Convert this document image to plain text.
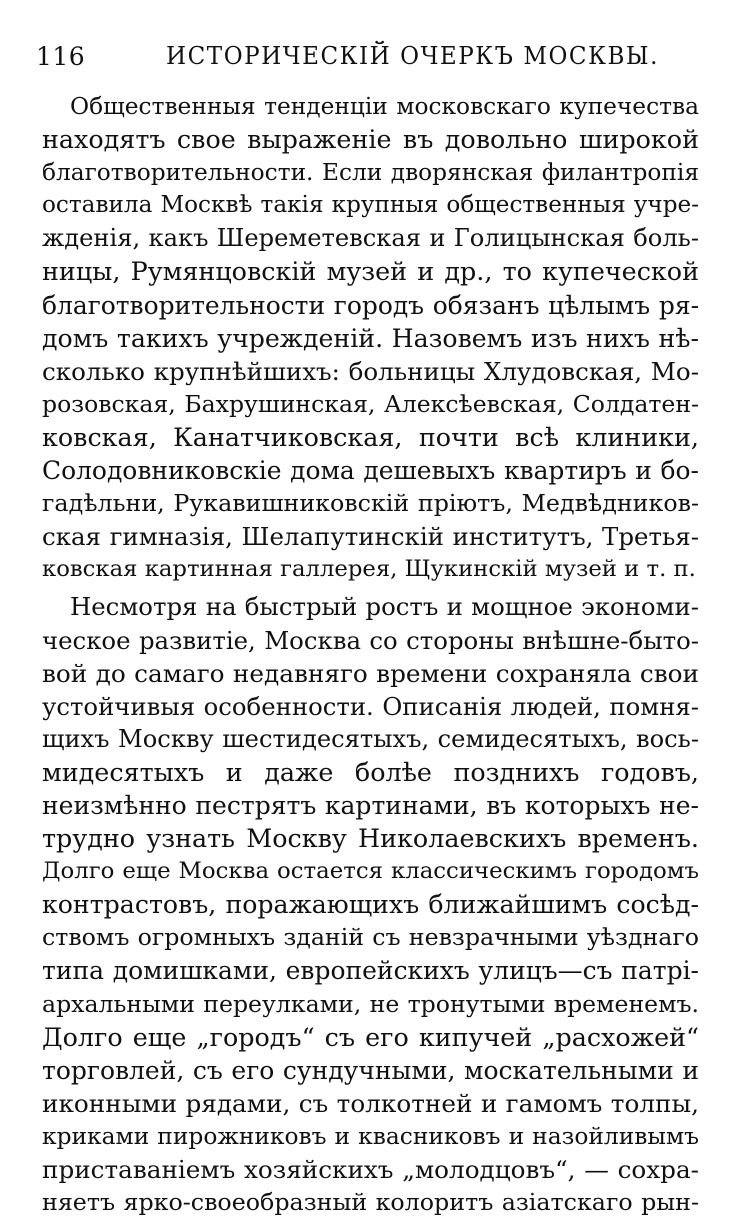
116	ИСТОРИЧЕСКIЙ ОЧЕРКЪ МОСКВЫ.
Общественныя тенденцiи московскаго купечества
находятъ свое выраженiе въ довольно широкой
благотворительности. Если дворянская филантропiя
оставила Москвѣ такiя крупныя общественныя учре-
жденiя, какъ Шереметевская и Голицынская боль-
ницы, Румянцовскiй музей и др., то купеческой
благотворительности городъ обязанъ цѣлымъ ря-
домъ такихъ учрежденiй. Назовемъ изъ нихъ нѣ-
сколько крупнѣйшихъ: больницы Хлудовская, Мо-
розовская, Бахрушинская, Алексѣевская, Солдатен-
ковская, Канатчиковская, почти всѣ клиники,
Солодовниковскiе дома дешевыхъ квартиръ и бо-
гадѣльни, Рукавишниковскiй прiютъ, Медвѣдников-
ская гимназiя, Шелапутинскiй институтъ, Третья-
ковская картинная галлерея, Щукинскiй музей и т. п.
Несмотря на быстрый ростъ и мощное экономи-
ческое развитiе, Москва со стороны внѣшне-быто-
вой до самаго недавняго времени сохраняла свои
устойчивыя особенности. Описанiя людей, помня-
щихъ Москву шестидесятыхъ, семидесятыхъ, вось-
мидесятыхъ и даже болѣе позднихъ годовъ,
неизмѣнно пестрятъ картинами, въ которыхъ не-
трудно узнать Москву Николаевскихъ временъ.
Долго еще Москва остается классическимъ городомъ
контрастовъ, поражающихъ ближайшимъ сосѣд-
ствомъ огромныхъ зданiй съ невзрачными уѣзднаго
типа домишками, европейскихъ улицъ—съ патрi-
архальными переулками, не тронутыми временемъ.
Долго еще „городъ“ съ его кипучей „расхожей“
торговлей, съ его сундучными, москательными и
иконными рядами, съ толкотней и гамомъ толпы,
криками пирожниковъ и квасниковъ и назойливымъ
приставанiемъ хозяйскихъ „молодцовъ“, — сохра-
няетъ ярко-своеобразный колоритъ азiатскаго рын-
